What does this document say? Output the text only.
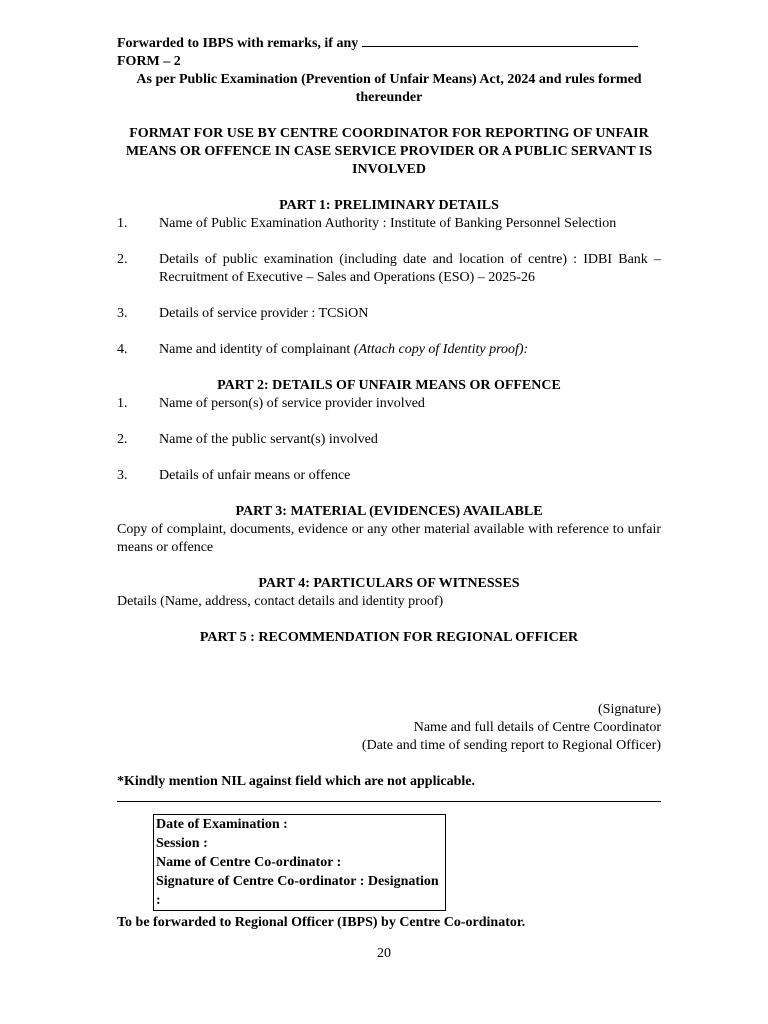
Forwarded to IBPS with remarks, if any
FORM – 2
As per Public Examination (Prevention of Unfair Means) Act, 2024 and rules formed thereunder
FORMAT FOR USE BY CENTRE COORDINATOR FOR REPORTING OF UNFAIR MEANS OR OFFENCE IN CASE SERVICE PROVIDER OR A PUBLIC SERVANT IS INVOLVED
PART 1: PRELIMINARY DETAILS
1.	Name of Public Examination Authority : Institute of Banking Personnel Selection
2.	Details of public examination (including date and location of centre) : IDBI Bank – Recruitment of Executive – Sales and Operations (ESO) – 2025-26
3.	Details of service provider : TCSiON
4.	Name and identity of complainant (Attach copy of Identity proof):
PART 2: DETAILS OF UNFAIR MEANS OR OFFENCE
1.	Name of person(s) of service provider involved
2.	Name of the public servant(s) involved
3.	Details of unfair means or offence
PART 3: MATERIAL (EVIDENCES) AVAILABLE
Copy of complaint, documents, evidence or any other material available with reference to unfair means or offence
PART 4: PARTICULARS OF WITNESSES
Details (Name, address, contact details and identity proof)
PART 5 : RECOMMENDATION FOR REGIONAL OFFICER
(Signature)
Name and full details of Centre Coordinator
(Date and time of sending report to Regional Officer)
*Kindly mention NIL against field which are not applicable.
Date of Examination :
Session :
Name of Centre Co-ordinator :
Signature of Centre Co-ordinator : Designation
:
To be forwarded to Regional Officer (IBPS) by Centre Co-ordinator.
20
